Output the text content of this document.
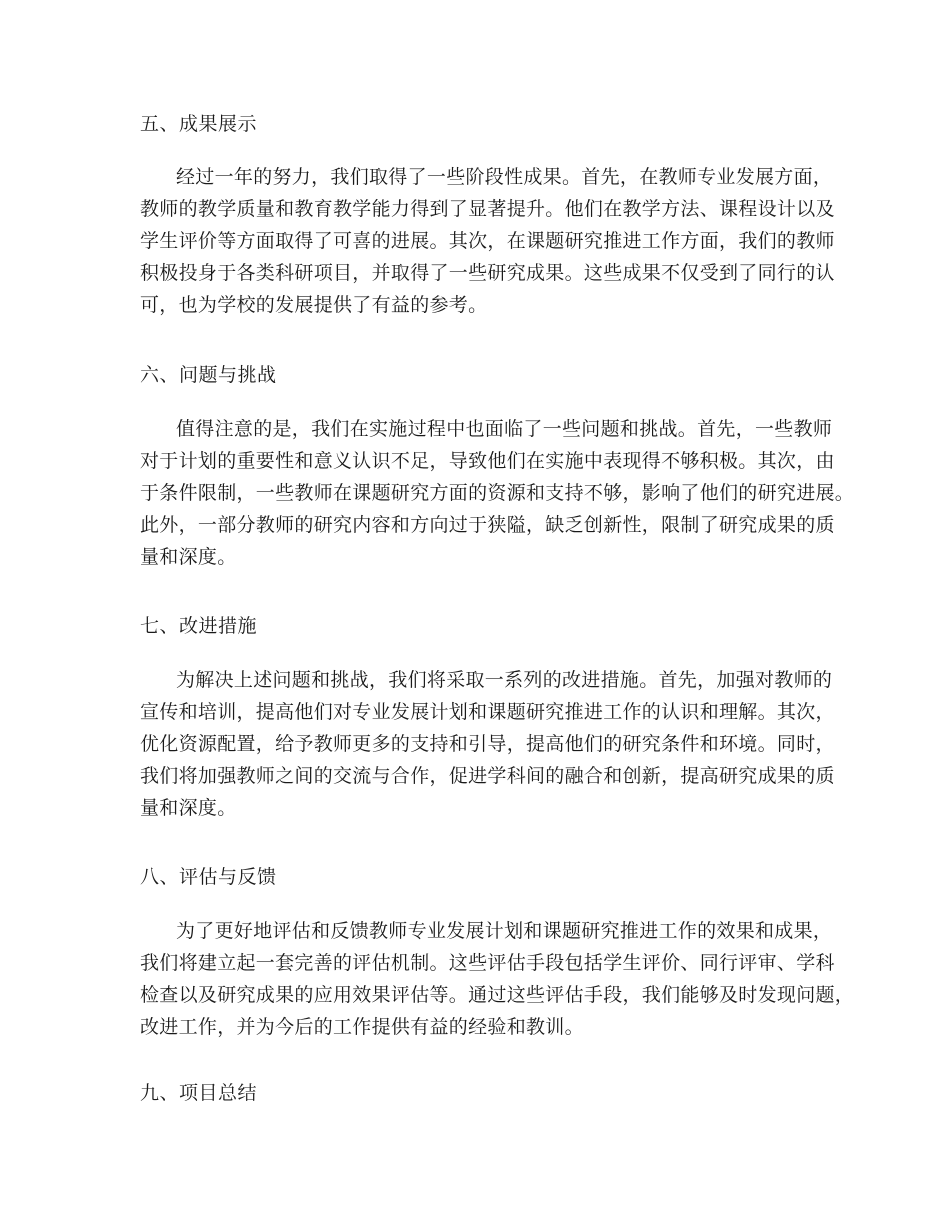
五、成果展示
经过一年的努力，我们取得了一些阶段性成果。首先，在教师专业发展方面，
教师的教学质量和教育教学能力得到了显著提升。他们在教学方法、课程设计以及
学生评价等方面取得了可喜的进展。其次，在课题研究推进工作方面，我们的教师
积极投身于各类科研项目，并取得了一些研究成果。这些成果不仅受到了同行的认
可，也为学校的发展提供了有益的参考。
六、问题与挑战
值得注意的是，我们在实施过程中也面临了一些问题和挑战。首先，一些教师
对于计划的重要性和意义认识不足，导致他们在实施中表现得不够积极。其次，由
于条件限制，一些教师在课题研究方面的资源和支持不够，影响了他们的研究进展。
此外，一部分教师的研究内容和方向过于狭隘，缺乏创新性，限制了研究成果的质
量和深度。
七、改进措施
为解决上述问题和挑战，我们将采取一系列的改进措施。首先，加强对教师的
宣传和培训，提高他们对专业发展计划和课题研究推进工作的认识和理解。其次，
优化资源配置，给予教师更多的支持和引导，提高他们的研究条件和环境。同时，
我们将加强教师之间的交流与合作，促进学科间的融合和创新，提高研究成果的质
量和深度。
八、评估与反馈
为了更好地评估和反馈教师专业发展计划和课题研究推进工作的效果和成果，
我们将建立起一套完善的评估机制。这些评估手段包括学生评价、同行评审、学科
检查以及研究成果的应用效果评估等。通过这些评估手段，我们能够及时发现问题，
改进工作，并为今后的工作提供有益的经验和教训。
九、项目总结
